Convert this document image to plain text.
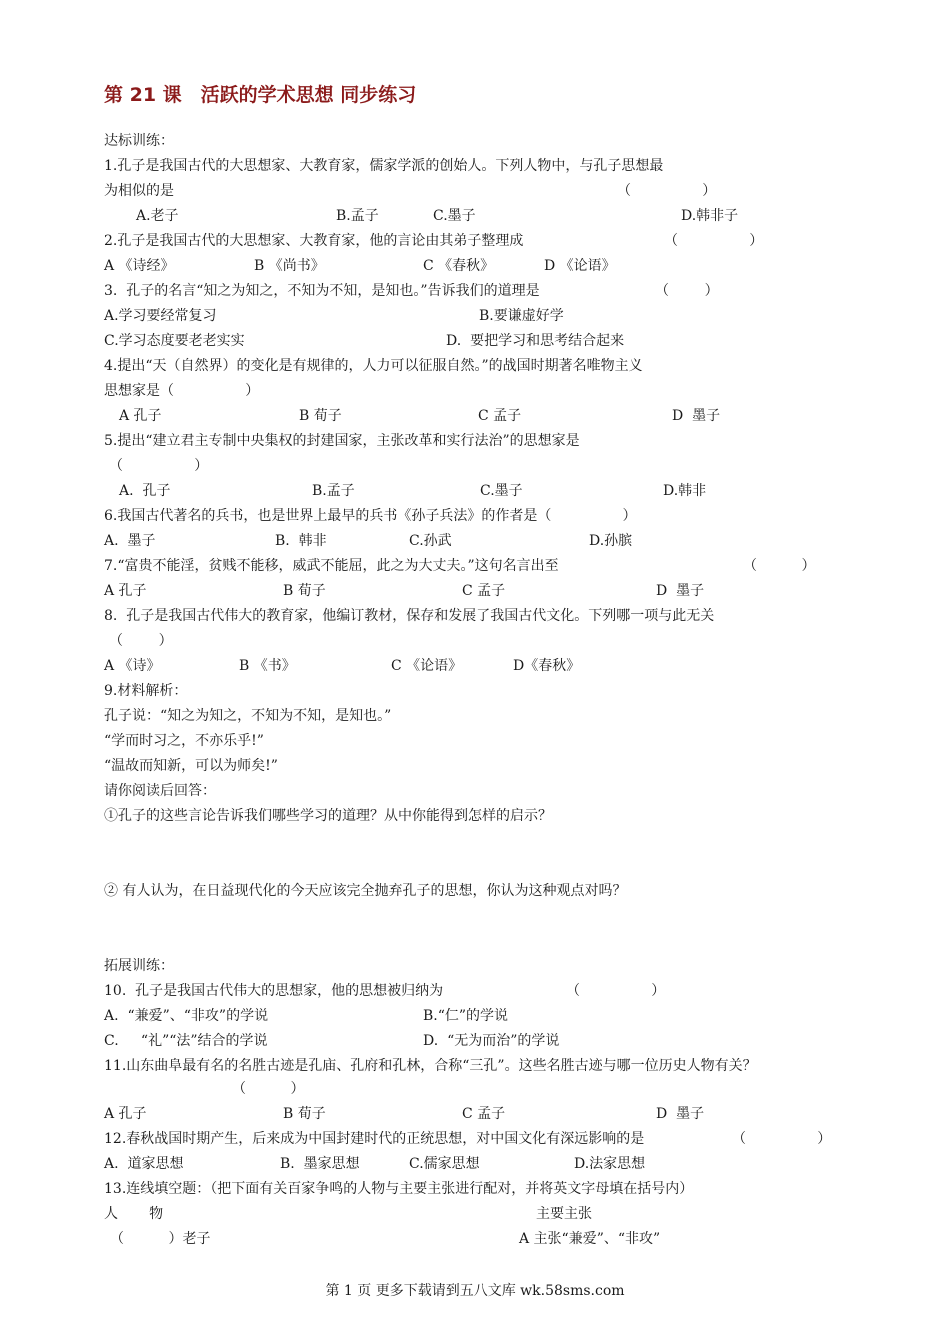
第 21 课　活跃的学术思想 同步练习
达标训练：
1.孔子是我国古代的大思想家、大教育家，儒家学派的创始人。下列人物中，与孔子思想最
为相似的是	（                ）
A.老子	B.孟子	C.墨子	D.韩非子
2.孔子是我国古代的大思想家、大教育家，他的言论由其弟子整理成	（                ）
A 《诗经》	B 《尚书》	C 《春秋》	D 《论语》
3.  孔子的名言“知之为知之，不知为不知，是知也。”告诉我们的道理是	（        ）
A.学习要经常复习	B.要谦虚好学
C.学习态度要老老实实	D.  要把学习和思考结合起来
4.提出“天（自然界）的变化是有规律的，人力可以征服自然。”的战国时期著名唯物主义
思想家是（                ）
A 孔子	B 荀子	C 孟子	D  墨子
5.提出“建立君主专制中央集权的封建国家，主张改革和实行法治”的思想家是
（                ）
A.  孔子	B.孟子	C.墨子	D.韩非
6.我国古代著名的兵书，也是世界上最早的兵书《孙子兵法》的作者是（                ）
A.  墨子	B.  韩非	C.孙武	D.孙膑
7.“富贵不能淫，贫贱不能移，威武不能屈，此之为大丈夫。”这句名言出至	（          ）
A 孔子	B 荀子	C 孟子	D  墨子
8.  孔子是我国古代伟大的教育家，他编订教材，保存和发展了我国古代文化。下列哪一项与此无关
（        ）
A 《诗》	B 《书》	C 《论语》	D《春秋》
9.材料解析：
孔子说：“知之为知之，不知为不知，是知也。”
“学而时习之，不亦乐乎!”
“温故而知新，可以为师矣!”
请你阅读后回答：
①孔子的这些言论告诉我们哪些学习的道理？从中你能得到怎样的启示？
② 有人认为，在日益现代化的今天应该完全抛弃孔子的思想，你认为这种观点对吗？
拓展训练：
10.  孔子是我国古代伟大的思想家，他的思想被归纳为	（                ）
A.  “兼爱”、“非攻”的学说	B.“仁”的学说
C.     “礼”“法”结合的学说	D.  “无为而治”的学说
11.山东曲阜最有名的名胜古迹是孔庙、孔府和孔林，合称“三孔”。这些名胜古迹与哪一位历史人物有关？
（          ）
A 孔子	B 荀子	C 孟子	D  墨子
12.春秋战国时期产生，后来成为中国封建时代的正统思想，对中国文化有深远影响的是	（                ）
A.  道家思想	B.  墨家思想	C.儒家思想	D.法家思想
13.连线填空题：（把下面有关百家争鸣的人物与主要主张进行配对，并将英文字母填在括号内）
人       物	主要主张
（          ）老子	A 主张“兼爱”、“非攻”
第 1 页 更多下载请到五八文库 wk.58sms.com
